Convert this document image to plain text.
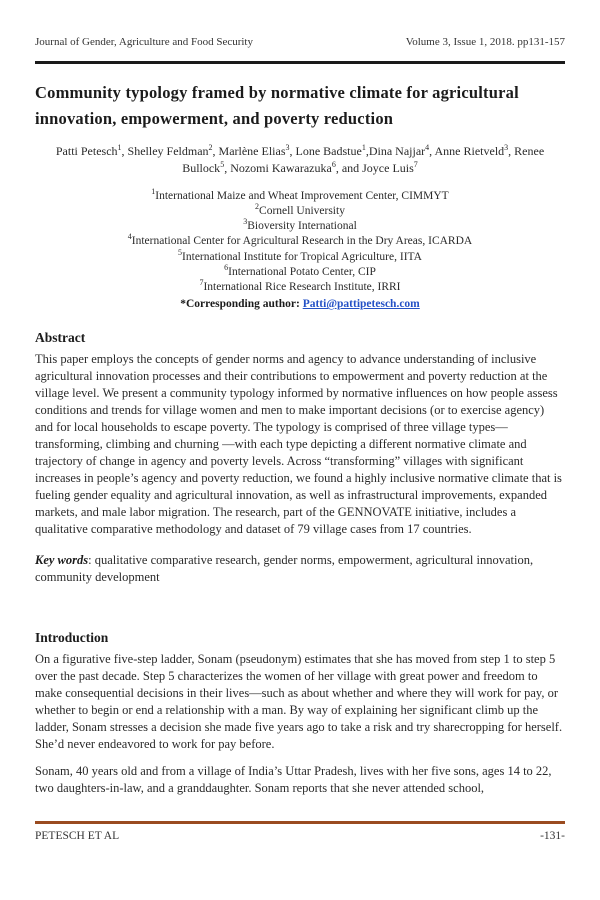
Journal of Gender, Agriculture and Food Security	Volume 3, Issue 1, 2018. pp131-157
Community typology framed by normative climate for agricultural innovation, empowerment, and poverty reduction

Patti Petesch$^1$, Shelley Feldman$^2$, Marlène Elias$^3$, Lone Badstue$^1$,Dina Najjar$^4$, Anne Rietveld$^3$, Renee Bullock$^5$, Nozomi Kawarazuka$^6$, and Joyce Luis$^7$

$^1$International Maize and Wheat Improvement Center, CIMMYT
$^2$Cornell University
$^3$Bioversity International
$^4$International Center for Agricultural Research in the Dry Areas, ICARDA
$^5$International Institute for Tropical Agriculture, IITA
$^6$International Potato Center, CIP
$^7$International Rice Research Institute, IRRI

*Corresponding author: Patti@pattipetesch.com

Abstract

This paper employs the concepts of gender norms and agency to advance understanding of inclusive agricultural innovation processes and their contributions to empowerment and poverty reduction at the village level. We present a community typology informed by normative influences on how people assess conditions and trends for village women and men to make important decisions (or to exercise agency) and for local households to escape poverty. The typology is comprised of three village types—transforming, climbing and churning —with each type depicting a different normative climate and trajectory of change in agency and poverty levels. Across “transforming” villages with significant increases in people’s agency and poverty reduction, we found a highly inclusive normative climate that is fueling gender equality and agricultural innovation, as well as infrastructural improvements, expanded markets, and male labor migration. The research, part of the GENNOVATE initiative, includes a qualitative comparative methodology and dataset of 79 village cases from 17 countries.

Key words: qualitative comparative research, gender norms, empowerment, agricultural innovation, community development

Introduction

On a figurative five-step ladder, Sonam (pseudonym) estimates that she has moved from step 1 to step 5 over the past decade. Step 5 characterizes the women of her village with great power and freedom to make consequential decisions in their lives—such as about whether and where they will work for pay, or whether to begin or end a relationship with a man. By way of explaining her significant climb up the ladder, Sonam stresses a decision she made five years ago to take a risk and try sharecropping for herself. She’d never endeavored to work for pay before.

Sonam, 40 years old and from a village of India’s Uttar Pradesh, lives with her five sons, ages 14 to 22, two daughters-in-law, and a granddaughter. Sonam reports that she never attended school,

PETESCH ET AL	-131-
